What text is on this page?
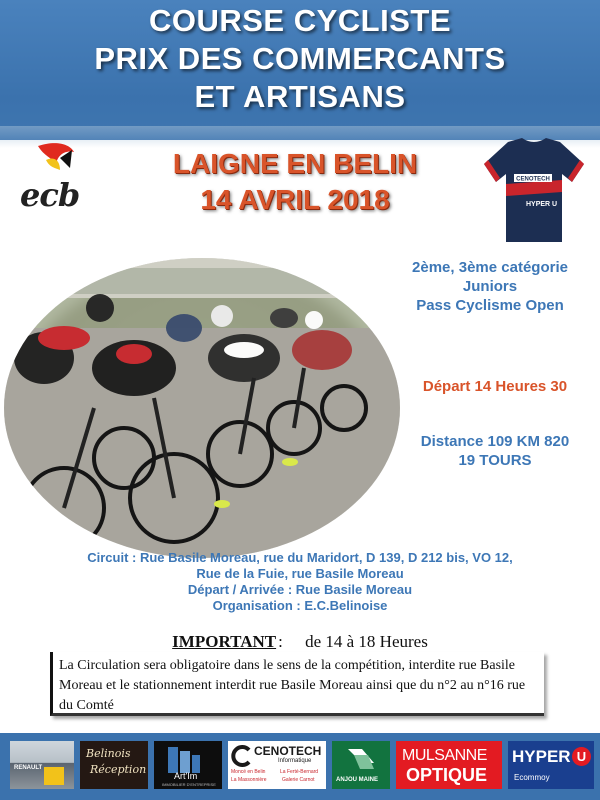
COURSE CYCLISTE
PRIX DES COMMERCANTS
ET ARTISANS
ecb
LAIGNE EN BELIN
14 AVRIL 2018
CENOTECH
HYPER U
2ème, 3ème catégorie
Juniors
Pass Cyclisme Open
Départ 14 Heures 30
Distance 109 KM 820
19 TOURS
Circuit : Rue Basile Moreau, rue du Maridort, D 139, D 212 bis, VO 12,
Rue de la Fuie, rue Basile Moreau
Départ / Arrivée : Rue Basile Moreau
Organisation : E.C.Belinoise
IMPORTANT : de 14 à 18 Heures
La Circulation sera obligatoire dans le sens de la compétition, interdite rue Basile Moreau et le stationnement interdit rue Basile Moreau ainsi que du n°2 au n°16 rue du Comté
RENAULT
Belinois
Réception	Art'Im
IMMOBILIER D'ENTREPRISE
CENOTECH
Informatique
Moncé en Belin	La Ferté-Bernard
La Massonnière	Galerie Carnot	ANJOU MAINE
MULSANNE
OPTIQUE
HYPER U
Ecommoy
